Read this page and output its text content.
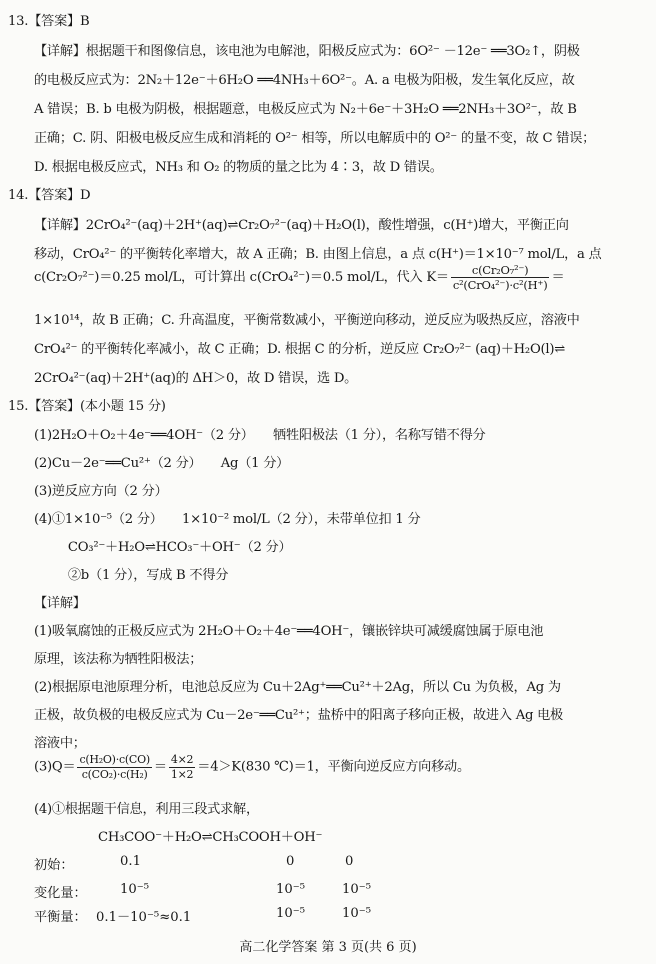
13.【答案】B
【详解】根据题干和图像信息，该电池为电解池，阳极反应式为：6O²⁻ －12e⁻ ══3O₂↑，阴极
的电极反应式为：2N₂＋12e⁻＋6H₂O ══4NH₃＋6O²⁻。A. a 电极为阳极，发生氧化反应，故
A 错误；B. b 电极为阴极，根据题意，电极反应式为 N₂＋6e⁻＋3H₂O ══2NH₃＋3O²⁻，故 B
正确；C. 阴、阳极电极反应生成和消耗的 O²⁻ 相等，所以电解质中的 O²⁻ 的量不变，故 C 错误；
D. 根据电极反应式，NH₃ 和 O₂ 的物质的量之比为 4∶3，故 D 错误。
14.【答案】D
【详解】2CrO₄²⁻(aq)＋2H⁺(aq)⇌Cr₂O₇²⁻(aq)＋H₂O(l)，酸性增强，c(H⁺)增大，平衡正向
移动，CrO₄²⁻ 的平衡转化率增大，故 A 正确；B. 由图上信息，a 点 c(H⁺)＝1×10⁻⁷ mol/L，a 点
c(Cr₂O₇²⁻)＝0.25 mol/L，可计算出 c(CrO₄²⁻)＝0.5 mol/L，代入 $K= \frac{\text{c(Cr₂O₇²⁻)}}{\text{c²(CrO₄²⁻)·c²(H⁺)}}$ ＝
1×10¹⁴，故 B 正确；C. 升高温度，平衡常数减小，平衡逆向移动，逆反应为吸热反应，溶液中
CrO₄²⁻ 的平衡转化率减小，故 C 正确；D. 根据 C 的分析，逆反应 Cr₂O₇²⁻ (aq)＋H₂O(l)⇌
2CrO₄²⁻(aq)＋2H⁺(aq)的 ΔH＞0，故 D 错误，选 D。
15.【答案】(本小题 15 分)
(1)2H₂O＋O₂＋4e⁻══4OH⁻（2 分）　　牺牲阳极法（1 分），名称写错不得分
(2)Cu－2e⁻══Cu²⁺（2 分）　　Ag（1 分）
(3)逆反应方向（2 分）
(4)①1×10⁻⁵（2 分）　　1×10⁻² mol/L（2 分），未带单位扣 1 分
　　CO₃²⁻＋H₂O⇌HCO₃⁻＋OH⁻（2 分）
　　②b（1 分），写成 B 不得分
【详解】
(1)吸氧腐蚀的正极反应式为 2H₂O＋O₂＋4e⁻══4OH⁻，镶嵌锌块可减缓腐蚀属于原电池
原理，该法称为牺牲阳极法；
(2)根据原电池原理分析，电池总反应为 Cu＋2Ag⁺══Cu²⁺＋2Ag，所以 Cu 为负极，Ag 为
正极，故负极的电极反应式为 Cu－2e⁻══Cu²⁺；盐桥中的阳离子移向正极，故进入 Ag 电极
溶液中；
$(3)Q= \frac{\text{c(H₂O)·c(CO)}}{\text{c(CO₂)·c(H₂)}} = \frac{4\times 2}{1\times 2} =4>K(830$ ℃)＝1，平衡向逆反应方向移动。
(4)①根据题干信息，利用三段式求解，
CH₃COO⁻＋H₂O⇌CH₃COOH＋OH⁻
初始：	0.1	0	0
变化量：	10⁻⁵	10⁻⁵	10⁻⁵
平衡量： 0.1－10⁻⁵≈0.1	10⁻⁵	10⁻⁵
高二化学答案 第 3 页(共 6 页)
